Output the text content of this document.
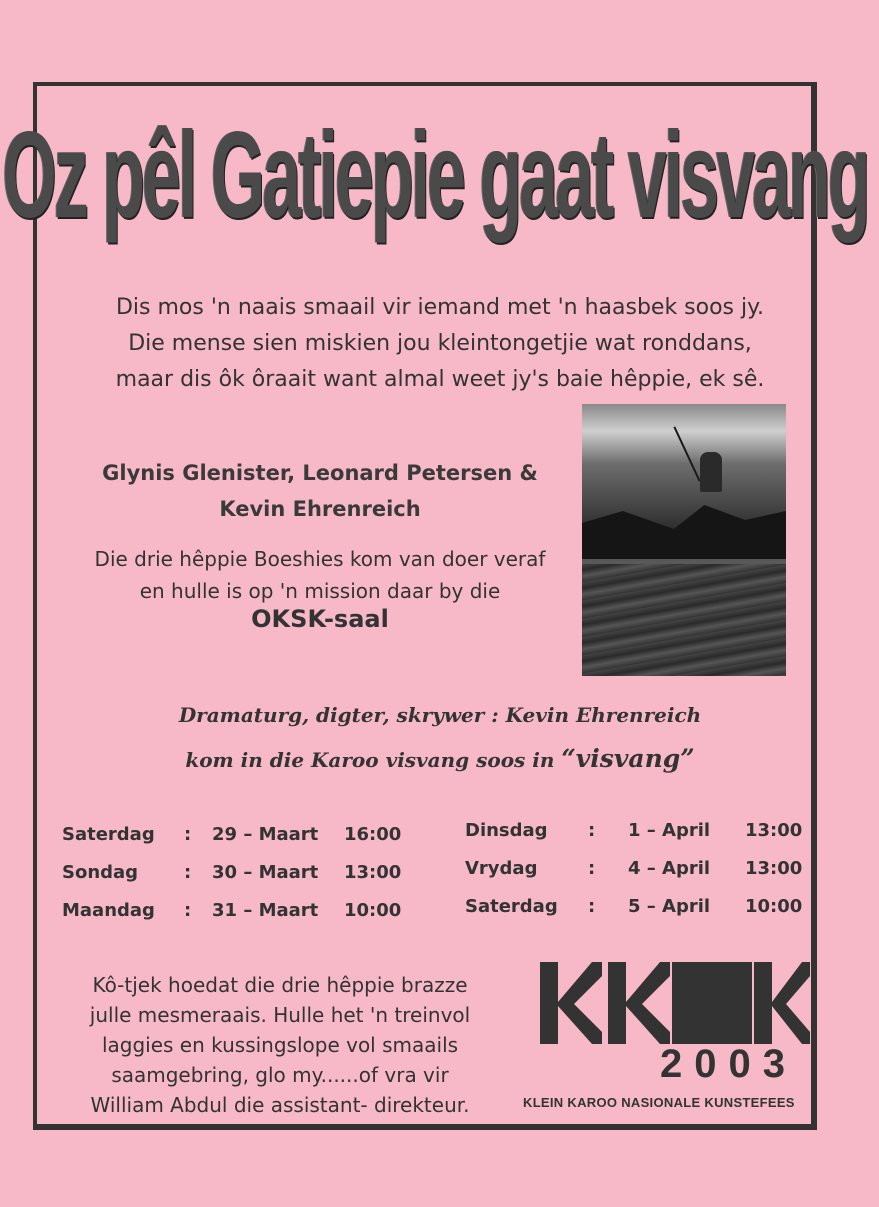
Oz pêl Gatiepie gaat visvang
Dis mos 'n naais smaail vir iemand met 'n haasbek soos jy.
Die mense sien miskien jou kleintongetjie wat ronddans,
maar dis ôk ôraait want almal weet jy's baie hêppie, ek sê.
Glynis Glenister, Leonard Petersen &
Kevin Ehrenreich
Die drie hêppie Boeshies kom van doer veraf
en hulle is op 'n mission daar by die
OKSK-saal
Dramaturg, digter, skrywer : Kevin Ehrenreich
kom in die Karoo visvang soos in “visvang”
Saterdag : 29 – Maart 16:00
Sondag	: 30 – Maart 13:00
Maandag : 31 – Maart 10:00
Dinsdag : 1 – April 13:00
Vrydag	: 4 – April 13:00
Saterdag : 5 – April 10:00
Kô-tjek hoedat die drie hêppie brazze
julle mesmeraais. Hulle het 'n treinvol
laggies en kussingslope vol smaails
saamgebring, glo my......of vra vir
William Abdul die assistant- direkteur.
2003
KLEIN KAROO NASIONALE KUNSTEFEES
